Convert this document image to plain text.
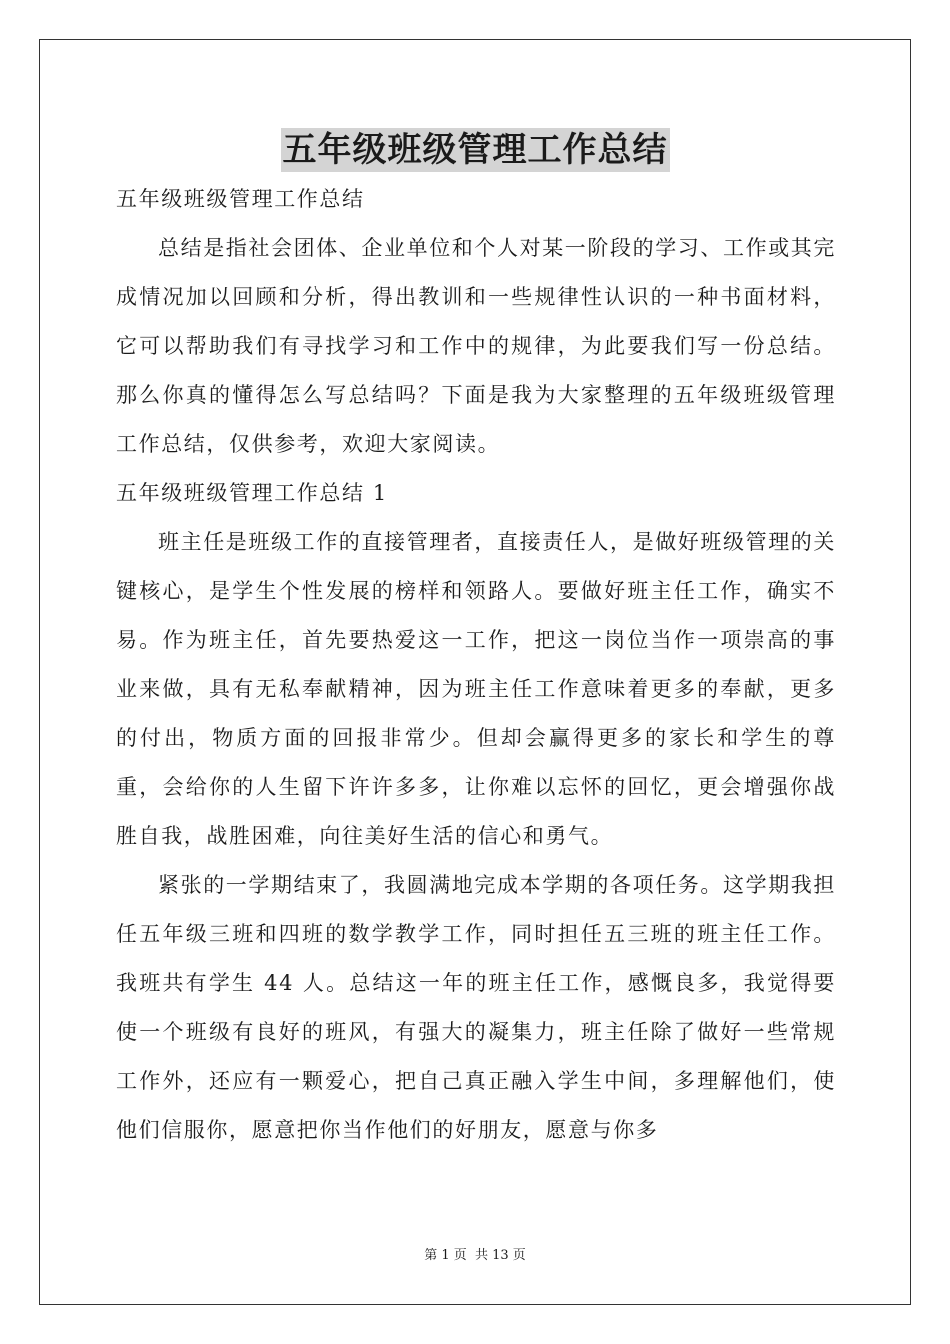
五年级班级管理工作总结
五年级班级管理工作总结

总结是指社会团体、企业单位和个人对某一阶段的学习、工作或其完成情况加以回顾和分析，得出教训和一些规律性认识的一种书面材料，它可以帮助我们有寻找学习和工作中的规律，为此要我们写一份总结。那么你真的懂得怎么写总结吗？下面是我为大家整理的五年级班级管理工作总结，仅供参考，欢迎大家阅读。

五年级班级管理工作总结 1

班主任是班级工作的直接管理者，直接责任人，是做好班级管理的关键核心，是学生个性发展的榜样和领路人。要做好班主任工作，确实不易。作为班主任，首先要热爱这一工作，把这一岗位当作一项崇高的事业来做，具有无私奉献精神，因为班主任工作意味着更多的奉献，更多的付出，物质方面的回报非常少。但却会赢得更多的家长和学生的尊重，会给你的人生留下许许多多，让你难以忘怀的回忆，更会增强你战胜自我，战胜困难，向往美好生活的信心和勇气。

紧张的一学期结束了，我圆满地完成本学期的各项任务。这学期我担任五年级三班和四班的数学教学工作，同时担任五三班的班主任工作。我班共有学生 44 人。总结这一年的班主任工作，感慨良多，我觉得要使一个班级有良好的班风，有强大的凝集力，班主任除了做好一些常规工作外，还应有一颗爱心，把自己真正融入学生中间，多理解他们，使他们信服你，愿意把你当作他们的好朋友，愿意与你多

第 1 页 共 13 页
